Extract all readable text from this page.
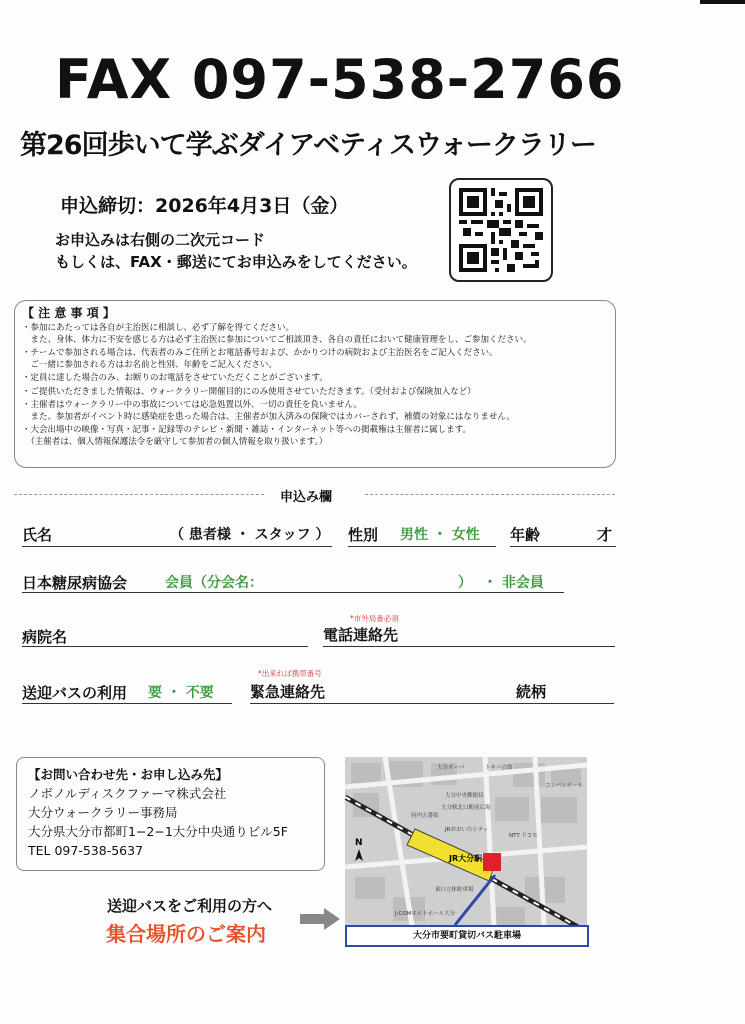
FAX 097-538-2766
第26回歩いて学ぶダイアベティスウォークラリー
申込締切：2026年4月3日（金）
お申込みは右側の二次元コード
もしくは、FAX・郵送にてお申込みをしてください。
【 注 意 事 項 】
・参加にあたっては各自が主治医に相談し、必ず了解を得てください。
　また、身体、体力に不安を感じる方は必ず主治医に参加についてご相談頂き、各自の責任において健康管理をし、ご参加ください。
・チームで参加される場合は、代表者のみご住所とお電話番号および、かかりつけの病院および主治医名をご記入ください。
　ご一緒に参加される方はお名前と性別、年齢をご記入ください。
・定員に達した場合のみ、お断りのお電話をさせていただくことがございます。
・ご提供いただきました情報は、ウォークラリー開催目的にのみ使用させていただきます。（受付および保険加入など）
・主催者はウォークラリー中の事故については応急処置以外、一切の責任を負いません。
　また、参加者がイベント時に感染症を患った場合は、主催者が加入済みの保険ではカバーされず、補償の対象にはなりません。
・大会出場中の映像・写真・記事・記録等のテレビ・新聞・雑誌・インターネット等への掲載権は主催者に属します。
　（主催者は、個人情報保護法令を厳守して参加者の個人情報を取り扱います。）
申込み欄
氏名	（ 患者様 ・ スタッフ ） 性別 男性 ・ 女性 年齢	才
日本糖尿病協会	会員（分会名：	） ・ 非会員
病院名
*市外局番必須
電話連絡先
送迎バスの利用 要 ・ 不要
*出来れば携帯番号
緊急連絡先	続柄
【お問い合わせ先・お申し込み先】
ノボノルディスクファーマ株式会社
大分ウォークラリー事務局
大分県大分市都町1−2−1大分中央通りビル5F
TEL 097-538-5637
送迎バスをご利用の方へ
集合場所のご案内
JR大分駅
N
大分オーパ	トキハ会館
大分中央郵便局
コンパルホール
府内五番街
JRおおいたシティ
NTT ドコモ
東口立体駐車場
J:COMホルトホール大分
大分駅北口駅前広場
大分市要町貸切バス駐車場
